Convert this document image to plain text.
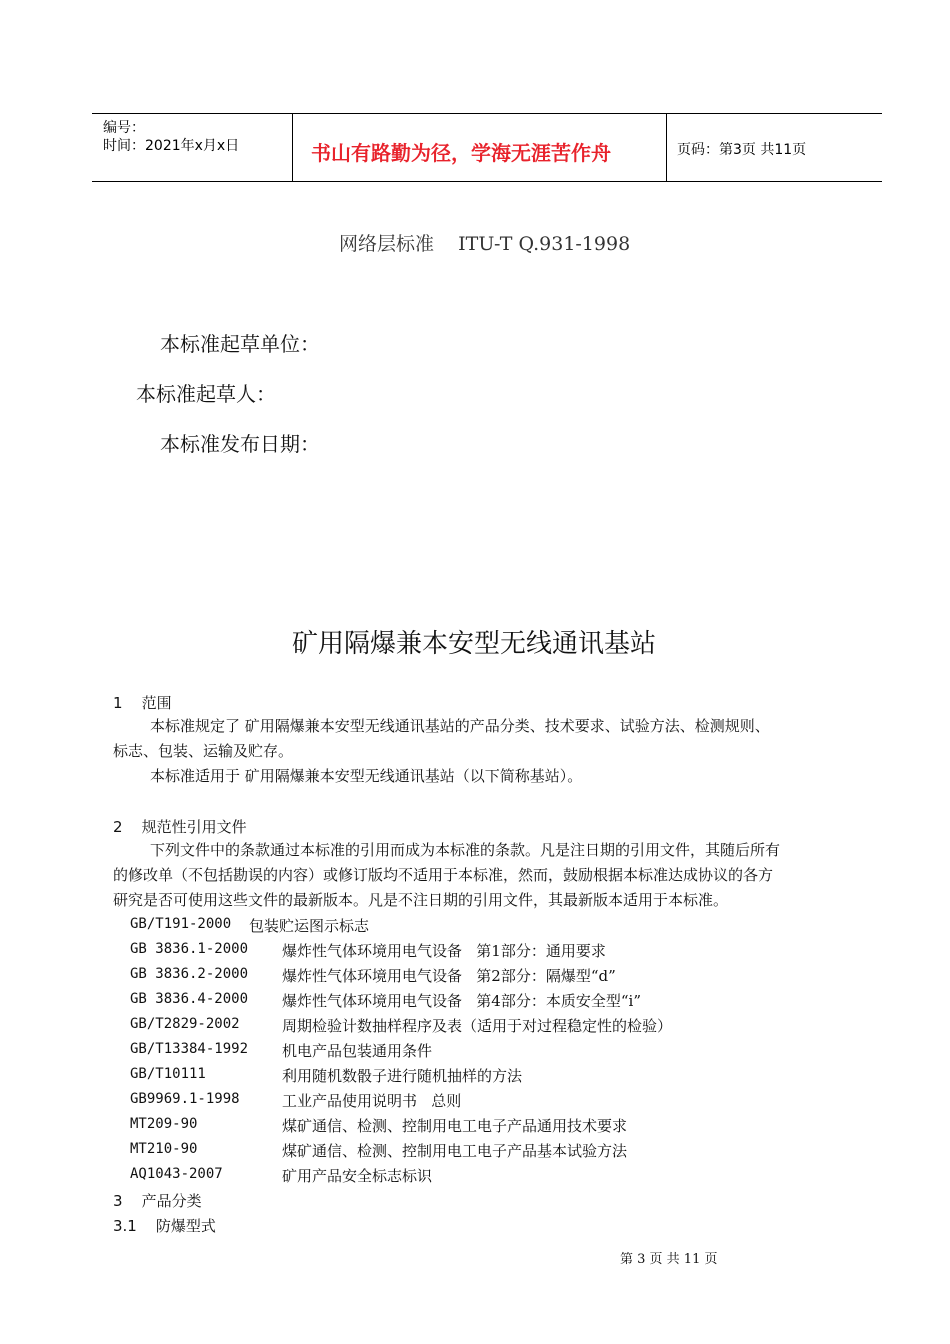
编号：
时间：2021年x月x日	书山有路勤为径，学海无涯苦作舟	页码：第3页 共11页
网络层标准    ITU-T Q.931-1998
本标准起草单位：
本标准起草人：
本标准发布日期：
矿用隔爆兼本安型无线通讯基站
1    范围
本标准规定了 矿用隔爆兼本安型无线通讯基站的产品分类、技术要求、试验方法、检测规则、
标志、包装、运输及贮存。
本标准适用于 矿用隔爆兼本安型无线通讯基站（以下简称基站）。
2    规范性引用文件
下列文件中的条款通过本标准的引用而成为本标准的条款。凡是注日期的引用文件，其随后所有
的修改单（不包括勘误的内容）或修订版均不适用于本标准，然而，鼓励根据本标准达成协议的各方
研究是否可使用这些文件的最新版本。凡是不注日期的引用文件，其最新版本适用于本标准。
GB/T191-2000 包装贮运图示标志
GB 3836.1-2000 爆炸性气体环境用电气设备   第1部分：通用要求
GB 3836.2-2000 爆炸性气体环境用电气设备   第2部分：隔爆型“d”
GB 3836.4-2000 爆炸性气体环境用电气设备   第4部分：本质安全型“i”
GB/T2829-2002	周期检验计数抽样程序及表（适用于对过程稳定性的检验）
GB/T13384-1992 机电产品包装通用条件
GB/T10111	利用随机数骰子进行随机抽样的方法
GB9969.1-1998	工业产品使用说明书   总则
MT209-90	煤矿通信、检测、控制用电工电子产品通用技术要求
MT210-90	煤矿通信、检测、控制用电工电子产品基本试验方法
AQ1043-2007	矿用产品安全标志标识
3    产品分类
3.1    防爆型式
第 3 页 共 11 页
